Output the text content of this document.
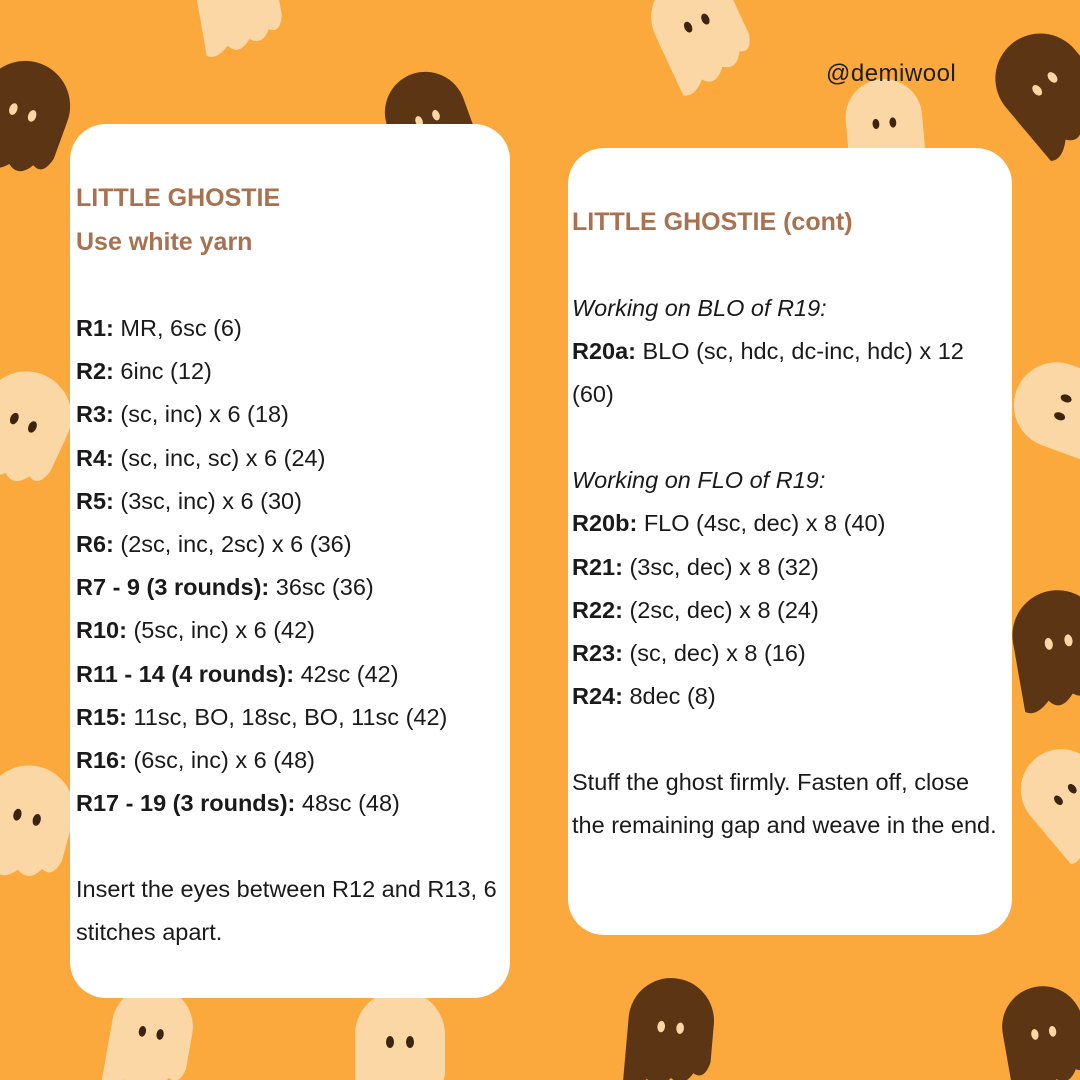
@demiwool
LITTLE GHOSTIE
Use white yarn
R1: MR, 6sc (6)
R2: 6inc (12)
R3: (sc, inc) x 6 (18)
R4: (sc, inc, sc) x 6 (24)
R5: (3sc, inc) x 6 (30)
R6: (2sc, inc, 2sc) x 6 (36)
R7 - 9 (3 rounds): 36sc (36)
R10: (5sc, inc) x 6 (42)
R11 - 14 (4 rounds): 42sc (42)
R15: 11sc, BO, 18sc, BO, 11sc (42)
R16: (6sc, inc) x 6 (48)
R17 - 19 (3 rounds): 48sc (48)
Insert the eyes between R12 and R13, 6 stitches apart.
LITTLE GHOSTIE (cont)
Working on BLO of R19:
R20a: BLO (sc, hdc, dc-inc, hdc) x 12 (60)
Working on FLO of R19:
R20b: FLO (4sc, dec) x 8 (40)
R21: (3sc, dec) x 8 (32)
R22: (2sc, dec) x 8 (24)
R23: (sc, dec) x 8 (16)
R24: 8dec (8)
Stuff the ghost firmly. Fasten off, close the remaining gap and weave in the end.
